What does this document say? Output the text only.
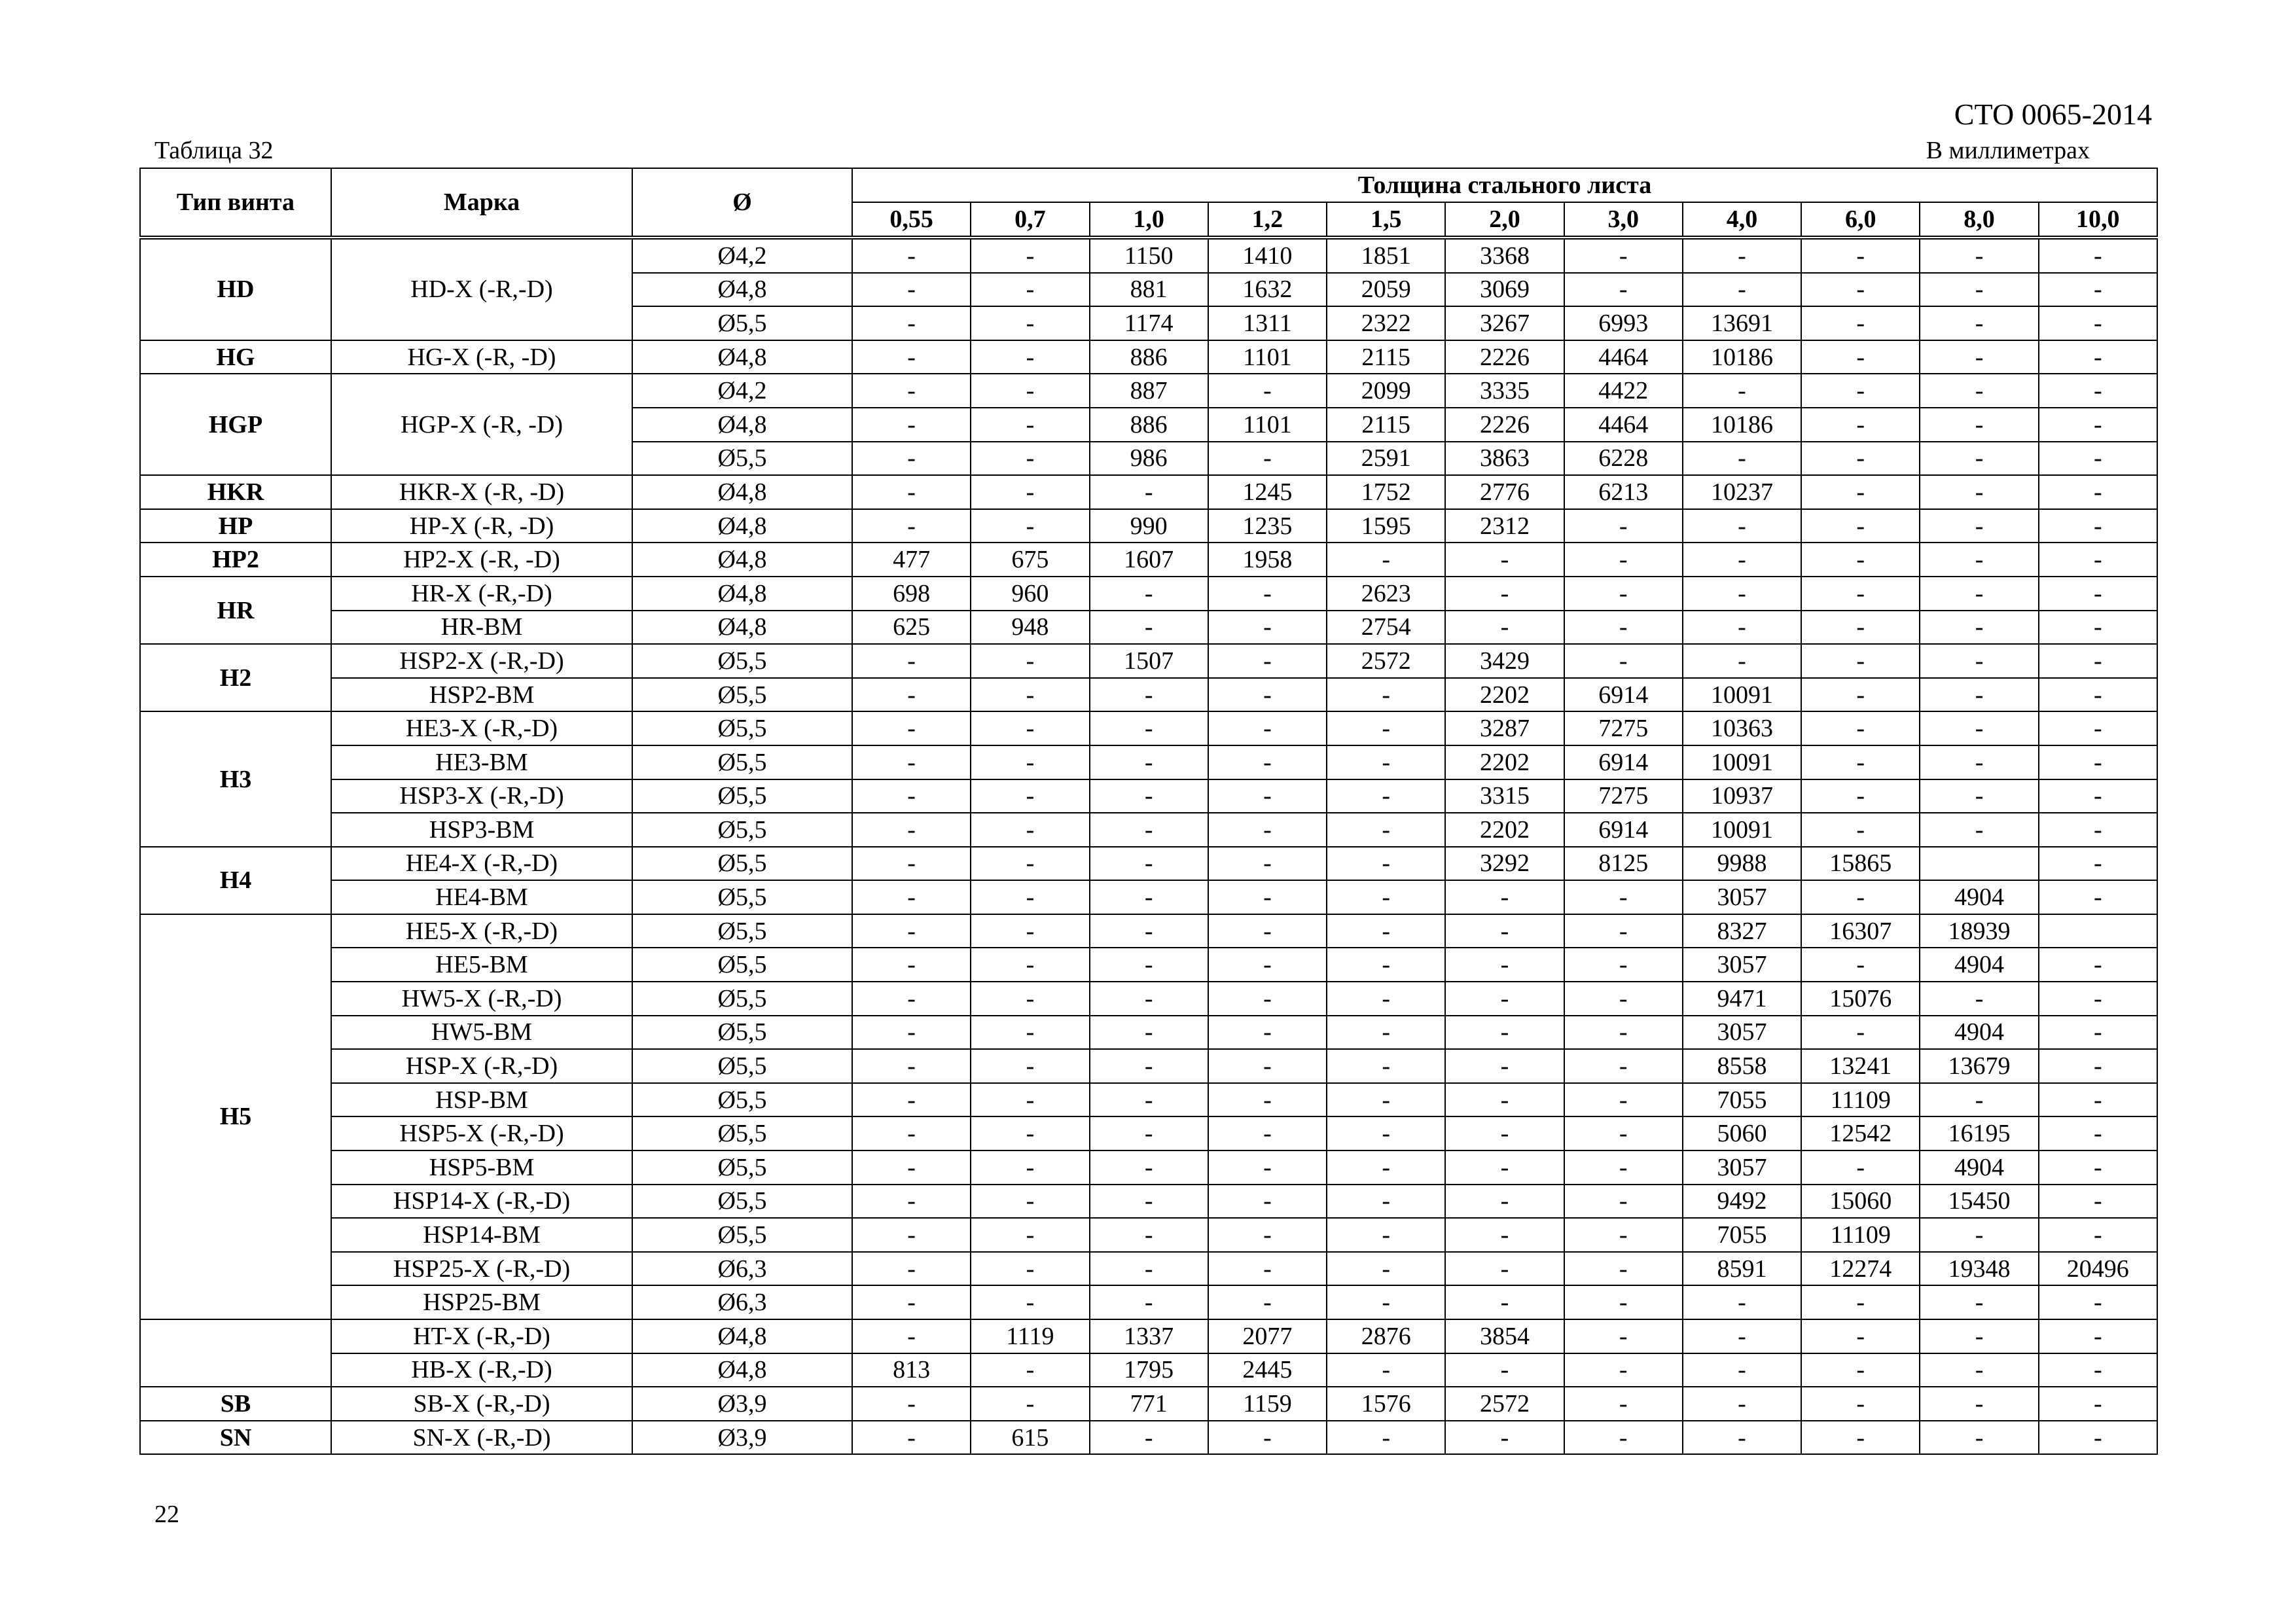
СТО 0065-2014
Таблица 32	В миллиметрах
Тип винта	Марка	Ø	Толщина стального листа										
			0,55	0,7	1,0	1,2	1,5	2,0	3,0	4,0	6,0	8,0	10,0
HD	HD-X (-R,-D)	Ø4,2	-	-	1150	1410	1851	3368	-	-	-	-	-
		Ø4,8	-	-	881	1632	2059	3069	-	-	-	-	-
		Ø5,5	-	-	1174	1311	2322	3267	6993	13691	-	-	-
HG	HG-X (-R, -D)	Ø4,8	-	-	886	1101	2115	2226	4464	10186	-	-	-
HGP	HGP-X (-R, -D)	Ø4,2	-	-	887	-	2099	3335	4422	-	-	-	-
		Ø4,8	-	-	886	1101	2115	2226	4464	10186	-	-	-
		Ø5,5	-	-	986	-	2591	3863	6228	-	-	-	-
HKR	HKR-X (-R, -D)	Ø4,8	-	-	-	1245	1752	2776	6213	10237	-	-	-
HP	HP-X (-R, -D)	Ø4,8	-	-	990	1235	1595	2312	-	-	-	-	-
HP2	HP2-X (-R, -D)	Ø4,8	477	675	1607	1958	-	-	-	-	-	-	-
HR	HR-X (-R,-D)	Ø4,8	698	960	-	-	2623	-	-	-	-	-	-
	HR-BM	Ø4,8	625	948	-	-	2754	-	-	-	-	-	-
H2	HSP2-X (-R,-D)	Ø5,5	-	-	1507	-	2572	3429	-	-	-	-	-
	HSP2-BM	Ø5,5	-	-	-	-	-	2202	6914	10091	-	-	-
H3	HE3-X (-R,-D)	Ø5,5	-	-	-	-	-	3287	7275	10363	-	-	-
	HE3-BM	Ø5,5	-	-	-	-	-	2202	6914	10091	-	-	-
	HSP3-X (-R,-D)	Ø5,5	-	-	-	-	-	3315	7275	10937	-	-	-
	HSP3-BM	Ø5,5	-	-	-	-	-	2202	6914	10091	-	-	-
H4	HE4-X (-R,-D)	Ø5,5	-	-	-	-	-	3292	8125	9988	15865		-
	HE4-BM	Ø5,5	-	-	-	-	-	-	-	3057	-	4904	-
H5	HE5-X (-R,-D)	Ø5,5	-	-	-	-	-	-	-	8327	16307	18939	
	HE5-BM	Ø5,5	-	-	-	-	-	-	-	3057	-	4904	-
	HW5-X (-R,-D)	Ø5,5	-	-	-	-	-	-	-	9471	15076	-	-
	HW5-BM	Ø5,5	-	-	-	-	-	-	-	3057	-	4904	-
	HSP-X (-R,-D)	Ø5,5	-	-	-	-	-	-	-	8558	13241	13679	-
	HSP-BM	Ø5,5	-	-	-	-	-	-	-	7055	11109	-	-
	HSP5-X (-R,-D)	Ø5,5	-	-	-	-	-	-	-	5060	12542	16195	-
	HSP5-BM	Ø5,5	-	-	-	-	-	-	-	3057	-	4904	-
	HSP14-X (-R,-D)	Ø5,5	-	-	-	-	-	-	-	9492	15060	15450	-
	HSP14-BM	Ø5,5	-	-	-	-	-	-	-	7055	11109	-	-
	HSP25-X (-R,-D)	Ø6,3	-	-	-	-	-	-	-	8591	12274	19348	20496
	HSP25-BM	Ø6,3	-	-	-	-	-	-	-	-	-	-	-
	HT-X (-R,-D)	Ø4,8	-	1119	1337	2077	2876	3854	-	-	-	-	-
	HB-X (-R,-D)	Ø4,8	813	-	1795	2445	-	-	-	-	-	-	-
SB	SB-X (-R,-D)	Ø3,9	-	-	771	1159	1576	2572	-	-	-	-	-
SN	SN-X (-R,-D)	Ø3,9	-	615	-	-	-	-	-	-	-	-	-
22
